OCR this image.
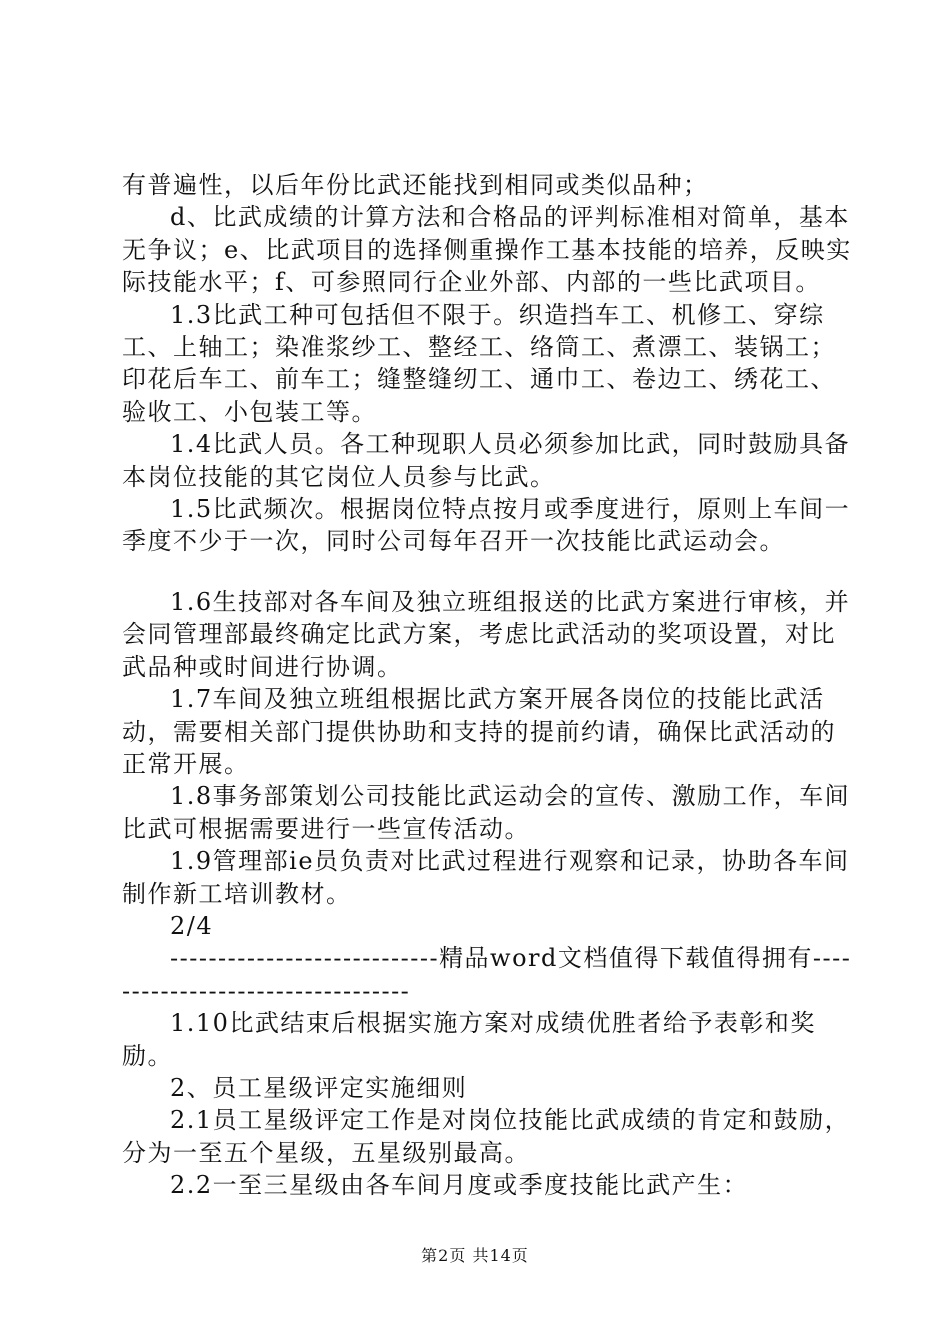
有普遍性，以后年份比武还能找到相同或类似品种；

d、比武成绩的计算方法和合格品的评判标准相对简单，基本无争议；e、比武项目的选择侧重操作工基本技能的培养，反映实际技能水平；f、可参照同行企业外部、内部的一些比武项目。

1.3比武工种可包括但不限于。织造挡车工、机修工、穿综工、上轴工；染准浆纱工、整经工、络筒工、煮漂工、装锅工；印花后车工、前车工；缝整缝纫工、通巾工、卷边工、绣花工、验收工、小包装工等。

1.4比武人员。各工种现职人员必须参加比武，同时鼓励具备本岗位技能的其它岗位人员参与比武。

1.5比武频次。根据岗位特点按月或季度进行，原则上车间一季度不少于一次，同时公司每年召开一次技能比武运动会。

1.6生技部对各车间及独立班组报送的比武方案进行审核，并会同管理部最终确定比武方案，考虑比武活动的奖项设置，对比武品种或时间进行协调。

1.7车间及独立班组根据比武方案开展各岗位的技能比武活动，需要相关部门提供协助和支持的提前约请，确保比武活动的正常开展。

1.8事务部策划公司技能比武运动会的宣传、激励工作，车间比武可根据需要进行一些宣传活动。

1.9管理部ie员负责对比武过程进行观察和记录，协助各车间制作新工培训教材。

2/4

----------------------------精品word文档值得下载值得拥有----------------------------------

1.10比武结束后根据实施方案对成绩优胜者给予表彰和奖励。

2、员工星级评定实施细则

2.1员工星级评定工作是对岗位技能比武成绩的肯定和鼓励，分为一至五个星级，五星级别最高。

2.2一至三星级由各车间月度或季度技能比武产生：

第2页 共14页
